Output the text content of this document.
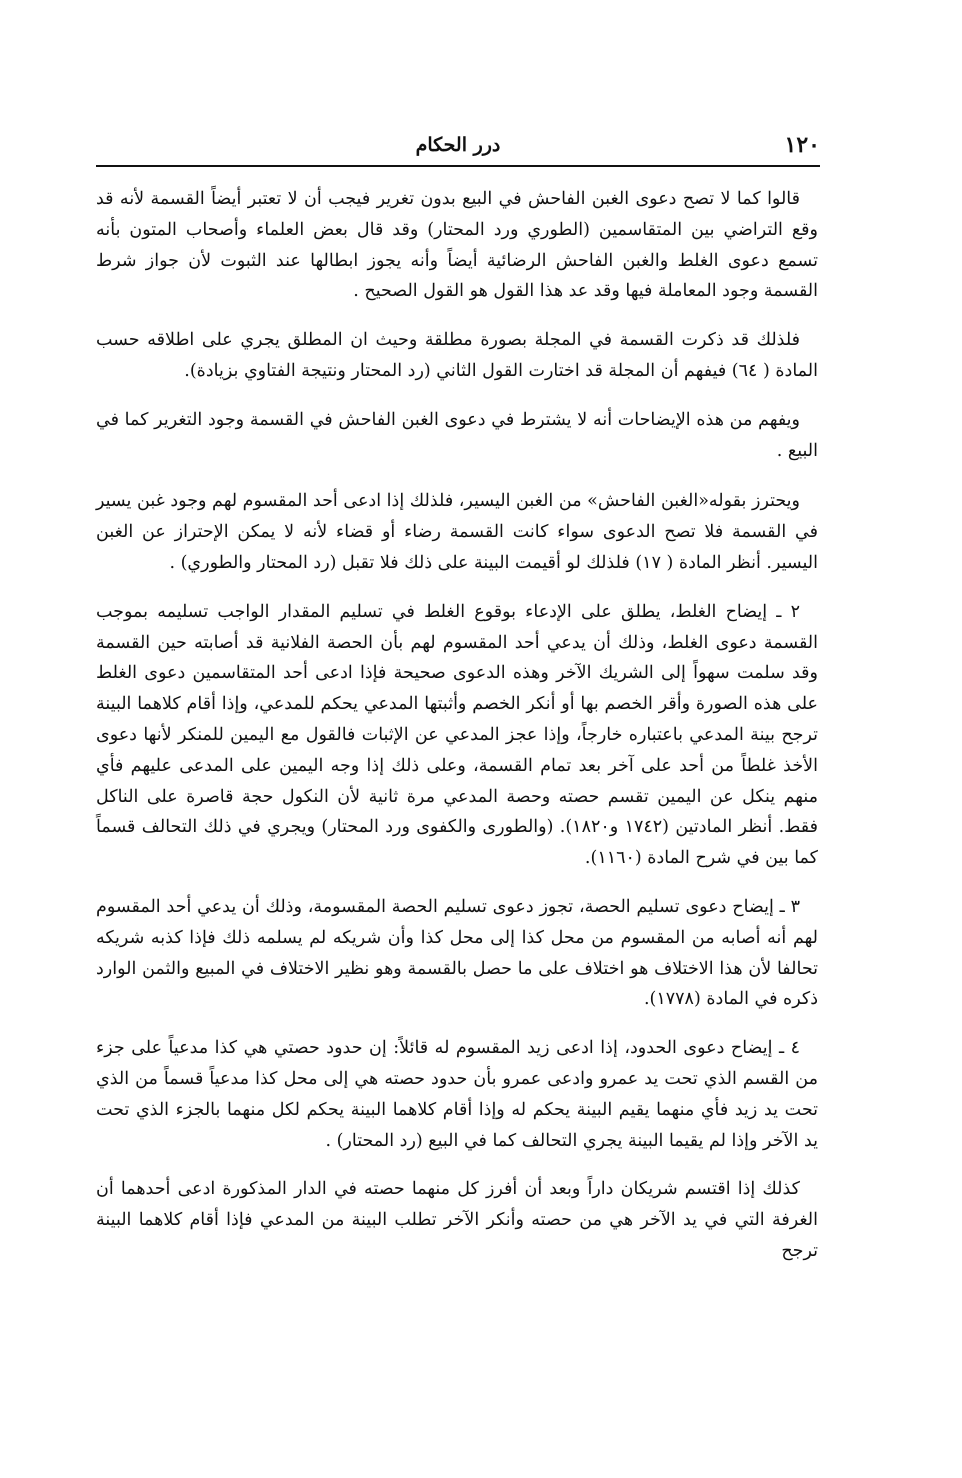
١٢٠
درر الحكام

قالوا كما لا تصح دعوى الغبن الفاحش في البيع بدون تغرير فيجب أن لا تعتبر أيضاً القسمة لأنه قد وقع التراضي بين المتقاسمين (الطوري ورد المحتار) وقد قال بعض العلماء وأصحاب المتون بأنه تسمع دعوى الغلط والغبن الفاحش الرضائية أيضاً وأنه يجوز ابطالها عند الثبوت لأن جواز شرط القسمة وجود المعاملة فيها وقد عد هذا القول هو القول الصحيح .

فلذلك قد ذكرت القسمة في المجلة بصورة مطلقة وحيث ان المطلق يجري على اطلاقه حسب المادة ( ٦٤) فيفهم أن المجلة قد اختارت القول الثاني (رد المحتار ونتيجة الفتاوي بزيادة).

ويفهم من هذه الإيضاحات أنه لا يشترط في دعوى الغبن الفاحش في القسمة وجود التغرير كما في البيع .

ويحترز بقوله«الغبن الفاحش» من الغبن اليسير، فلذلك إذا ادعى أحد المقسوم لهم وجود غبن يسير في القسمة فلا تصح الدعوى سواء كانت القسمة رضاء أو قضاء لأنه لا يمكن الإحتراز عن الغبن اليسير. أنظر المادة ( ١٧) فلذلك لو أقيمت البينة على ذلك فلا تقبل (رد المحتار والطوري) .

٢ ـ إيضاح الغلط، يطلق على الإدعاء بوقوع الغلط في تسليم المقدار الواجب تسليمه بموجب القسمة دعوى الغلط، وذلك أن يدعي أحد المقسوم لهم بأن الحصة الفلانية قد أصابته حين القسمة وقد سلمت سهواً إلى الشريك الآخر وهذه الدعوى صحيحة فإذا ادعى أحد المتقاسمين دعوى الغلط على هذه الصورة وأقر الخصم بها أو أنكر الخصم وأثبتها المدعي يحكم للمدعي، وإذا أقام كلاهما البينة ترجح بينة المدعي باعتباره خارجاً، وإذا عجز المدعي عن الإثبات فالقول مع اليمين للمنكر لأنها دعوى الأخذ غلطاً من أحد على آخر بعد تمام القسمة، وعلى ذلك إذا وجه اليمين على المدعى عليهم فأي منهم ينكل عن اليمين تقسم حصته وحصة المدعي مرة ثانية لأن النكول حجة قاصرة على الناكل فقط. أنظر المادتين (١٧٤٢ و١٨٢٠). (والطورى والكفوى ورد المحتار) ويجري في ذلك التحالف قسماً كما بين في شرح المادة (١١٦٠).

٣ ـ إيضاح دعوى تسليم الحصة، تجوز دعوى تسليم الحصة المقسومة، وذلك أن يدعي أحد المقسوم لهم أنه أصابه من المقسوم من محل كذا إلى محل كذا وأن شريكه لم يسلمه ذلك فإذا كذبه شريكه تحالفا لأن هذا الاختلاف هو اختلاف على ما حصل بالقسمة وهو نظير الاختلاف في المبيع والثمن الوارد ذكره في المادة (١٧٧٨).

٤ ـ إيضاح دعوى الحدود، إذا ادعى زيد المقسوم له قائلاً: إن حدود حصتي هي كذا مدعياً على جزء من القسم الذي تحت يد عمرو وادعى عمرو بأن حدود حصته هي إلى محل كذا مدعياً قسماً من الذي تحت يد زيد فأي منهما يقيم البينة يحكم له وإذا أقام كلاهما البينة يحكم لكل منهما بالجزء الذي تحت يد الآخر وإذا لم يقيما البينة يجري التحالف كما في البيع (رد المحتار) .

كذلك إذا اقتسم شريكان داراً وبعد أن أفرز كل منهما حصته في الدار المذكورة ادعى أحدهما أن الغرفة التي في يد الآخر هي من حصته وأنكر الآخر تطلب البينة من المدعي فإذا أقام كلاهما البينة ترجح
